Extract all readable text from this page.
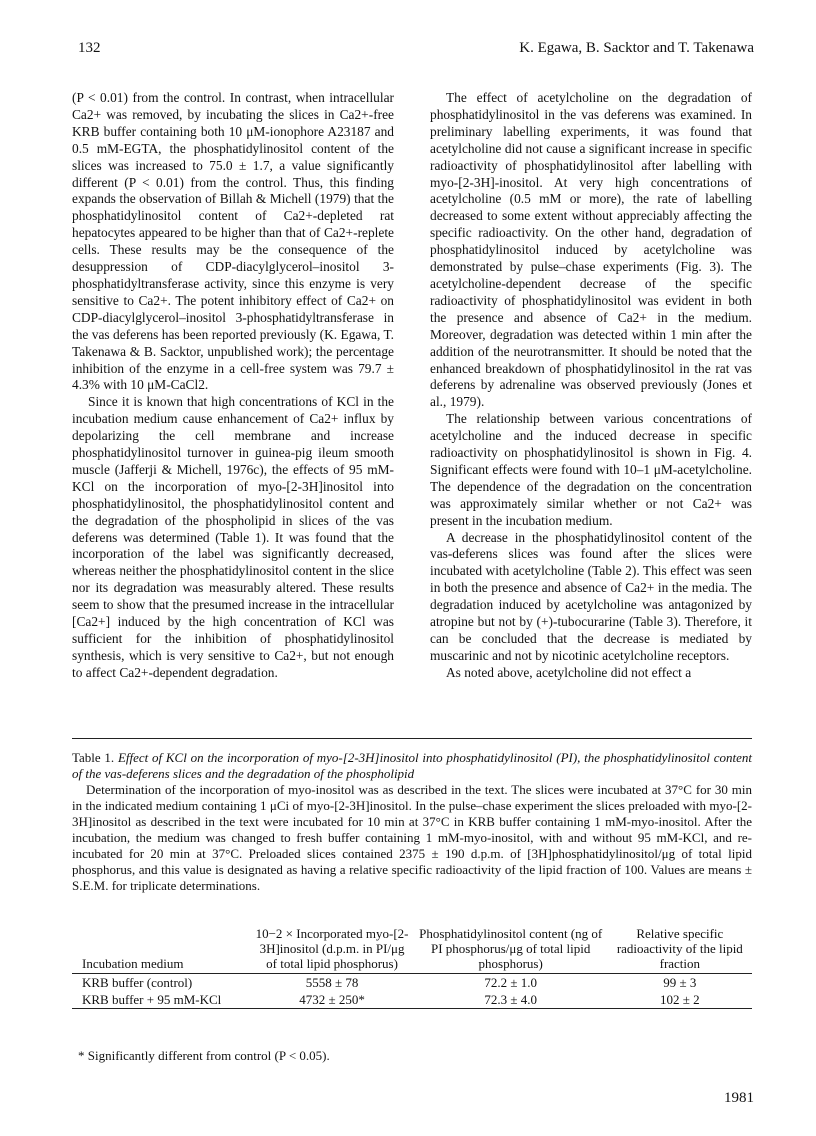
132	K. Egawa, B. Sacktor and T. Takenawa

(P < 0.01) from the control. In contrast, when intracellular Ca2+ was removed, by incubating the slices in Ca2+-free KRB buffer containing both 10 μM-ionophore A23187 and 0.5 mM-EGTA, the phosphatidylinositol content of the slices was increased to 75.0 ± 1.7, a value significantly different (P < 0.01) from the control. Thus, this finding expands the observation of Billah & Michell (1979) that the phosphatidylinositol content of Ca2+-depleted rat hepatocytes appeared to be higher than that of Ca2+-replete cells. These results may be the consequence of the desuppression of CDP-diacylglycerol–inositol 3-phosphatidyltransferase activity, since this enzyme is very sensitive to Ca2+. The potent inhibitory effect of Ca2+ on CDP-diacylglycerol–inositol 3-phosphatidyltransferase in the vas deferens has been reported previously (K. Egawa, T. Takenawa & B. Sacktor, unpublished work); the percentage inhibition of the enzyme in a cell-free system was 79.7 ± 4.3% with 10 μM-CaCl2.

Since it is known that high concentrations of KCl in the incubation medium cause enhancement of Ca2+ influx by depolarizing the cell membrane and increase phosphatidylinositol turnover in guinea-pig ileum smooth muscle (Jafferji & Michell, 1976c), the effects of 95 mM-KCl on the incorporation of myo-[2-3H]inositol into phosphatidylinositol, the phosphatidylinositol content and the degradation of the phospholipid in slices of the vas deferens was determined (Table 1). It was found that the incorporation of the label was significantly decreased, whereas neither the phosphatidylinositol content in the slice nor its degradation was measurably altered. These results seem to show that the presumed increase in the intracellular [Ca2+] induced by the high concentration of KCl was sufficient for the inhibition of phosphatidylinositol synthesis, which is very sensitive to Ca2+, but not enough to affect Ca2+-dependent degradation.

The effect of acetylcholine on the degradation of phosphatidylinositol in the vas deferens was examined. In preliminary labelling experiments, it was found that acetylcholine did not cause a significant increase in specific radioactivity of phosphatidylinositol after labelling with myo-[2-3H]-inositol. At very high concentrations of acetylcholine (0.5 mM or more), the rate of labelling decreased to some extent without appreciably affecting the specific radioactivity. On the other hand, degradation of phosphatidylinositol induced by acetylcholine was demonstrated by pulse–chase experiments (Fig. 3). The acetylcholine-dependent decrease of the specific radioactivity of phosphatidylinositol was evident in both the presence and absence of Ca2+ in the medium. Moreover, degradation was detected within 1 min after the addition of the neurotransmitter. It should be noted that the enhanced breakdown of phosphatidylinositol in the rat vas deferens by adrenaline was observed previously (Jones et al., 1979).

The relationship between various concentrations of acetylcholine and the induced decrease in specific radioactivity on phosphatidylinositol is shown in Fig. 4. Significant effects were found with 10–1 μM-acetylcholine. The dependence of the degradation on the concentration was approximately similar whether or not Ca2+ was present in the incubation medium.

A decrease in the phosphatidylinositol content of the vas-deferens slices was found after the slices were incubated with acetylcholine (Table 2). This effect was seen in both the presence and absence of Ca2+ in the media. The degradation induced by acetylcholine was antagonized by atropine but not by (+)-tubocurarine (Table 3). Therefore, it can be concluded that the decrease is mediated by muscarinic and not by nicotinic acetylcholine receptors.

As noted above, acetylcholine did not effect a

Table 1. Effect of KCl on the incorporation of myo-[2-3H]inositol into phosphatidylinositol (PI), the phosphatidylinositol content of the vas-deferens slices and the degradation of the phospholipid
Determination of the incorporation of myo-inositol was as described in the text. The slices were incubated at 37°C for 30 min in the indicated medium containing 1 μCi of myo-[2-3H]inositol. In the pulse–chase experiment the slices preloaded with myo-[2-3H]inositol as described in the text were incubated for 10 min at 37°C in KRB buffer containing 1 mM-myo-inositol. After the incubation, the medium was changed to fresh buffer containing 1 mM-myo-inositol, with and without 95 mM-KCl, and re-incubated for 20 min at 37°C. Preloaded slices contained 2375 ± 190 d.p.m. of [3H]phosphatidylinositol/μg of total lipid phosphorus, and this value is designated as having a relative specific radioactivity of the lipid fraction of 100. Values are means ± S.E.M. for triplicate determinations.
Incubation medium	10−2 × Incorporated myo-[2-3H]inositol (d.p.m. in PI/μg of total lipid phosphorus)	Phosphatidylinositol content (ng of PI phosphorus/μg of total lipid phosphorus)	Relative specific radioactivity of the lipid fraction
KRB buffer (control)	5558 ± 78	72.2 ± 1.0	99 ± 3
KRB buffer + 95 mM-KCl	4732 ± 250*	72.3 ± 4.0	102 ± 2
* Significantly different from control (P < 0.05).
1981
